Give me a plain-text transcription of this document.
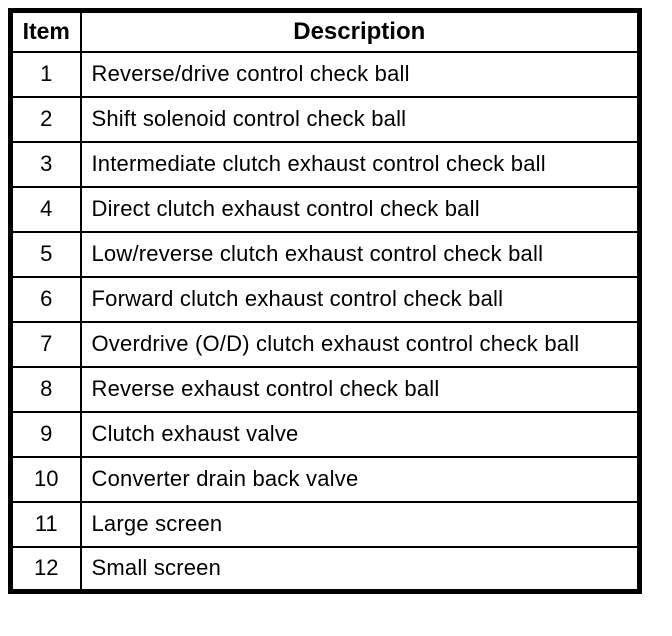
Item	Description
1	Reverse/drive control check ball
2	Shift solenoid control check ball
3	Intermediate clutch exhaust control check ball
4	Direct clutch exhaust control check ball
5	Low/reverse clutch exhaust control check ball
6	Forward clutch exhaust control check ball
7	Overdrive (O/D) clutch exhaust control check ball
8	Reverse exhaust control check ball
9	Clutch exhaust valve
10	Converter drain back valve
11	Large screen
12	Small screen
